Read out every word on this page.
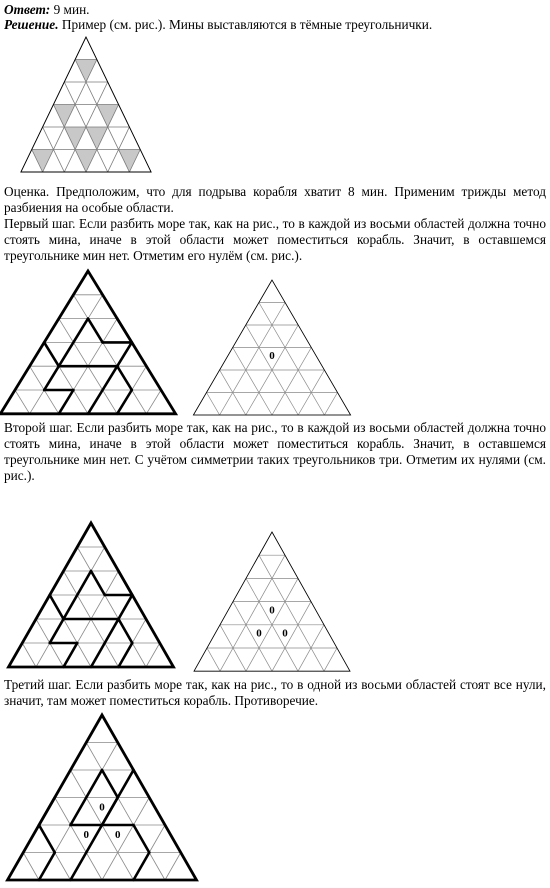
Ответ: 9 мин.

Решение. Пример (см. рис.). Мины выставляются в тёмные треугольнички.

Оценка. Предположим, что для подрыва корабля хватит 8 мин. Применим трижды метод разбиения на особые области.

Первый шаг. Если разбить море так, как на рис., то в каждой из восьми областей должна точно стоять мина, иначе в этой области может поместиться корабль. Значит, в оставшемся треугольнике мин нет. Отметим его нулём (см. рис.).

0

Второй шаг. Если разбить море так, как на рис., то в каждой из восьми областей должна точно стоять мина, иначе в этой области может поместиться корабль. Значит, в оставшемся треугольнике мин нет. С учётом симметрии таких треугольников три. Отметим их нулями (см. рис.).

0
0 0

Третий шаг. Если разбить море так, как на рис., то в одной из восьми областей стоят все нули, значит, там может поместиться корабль. Противоречие.

0
0 0
